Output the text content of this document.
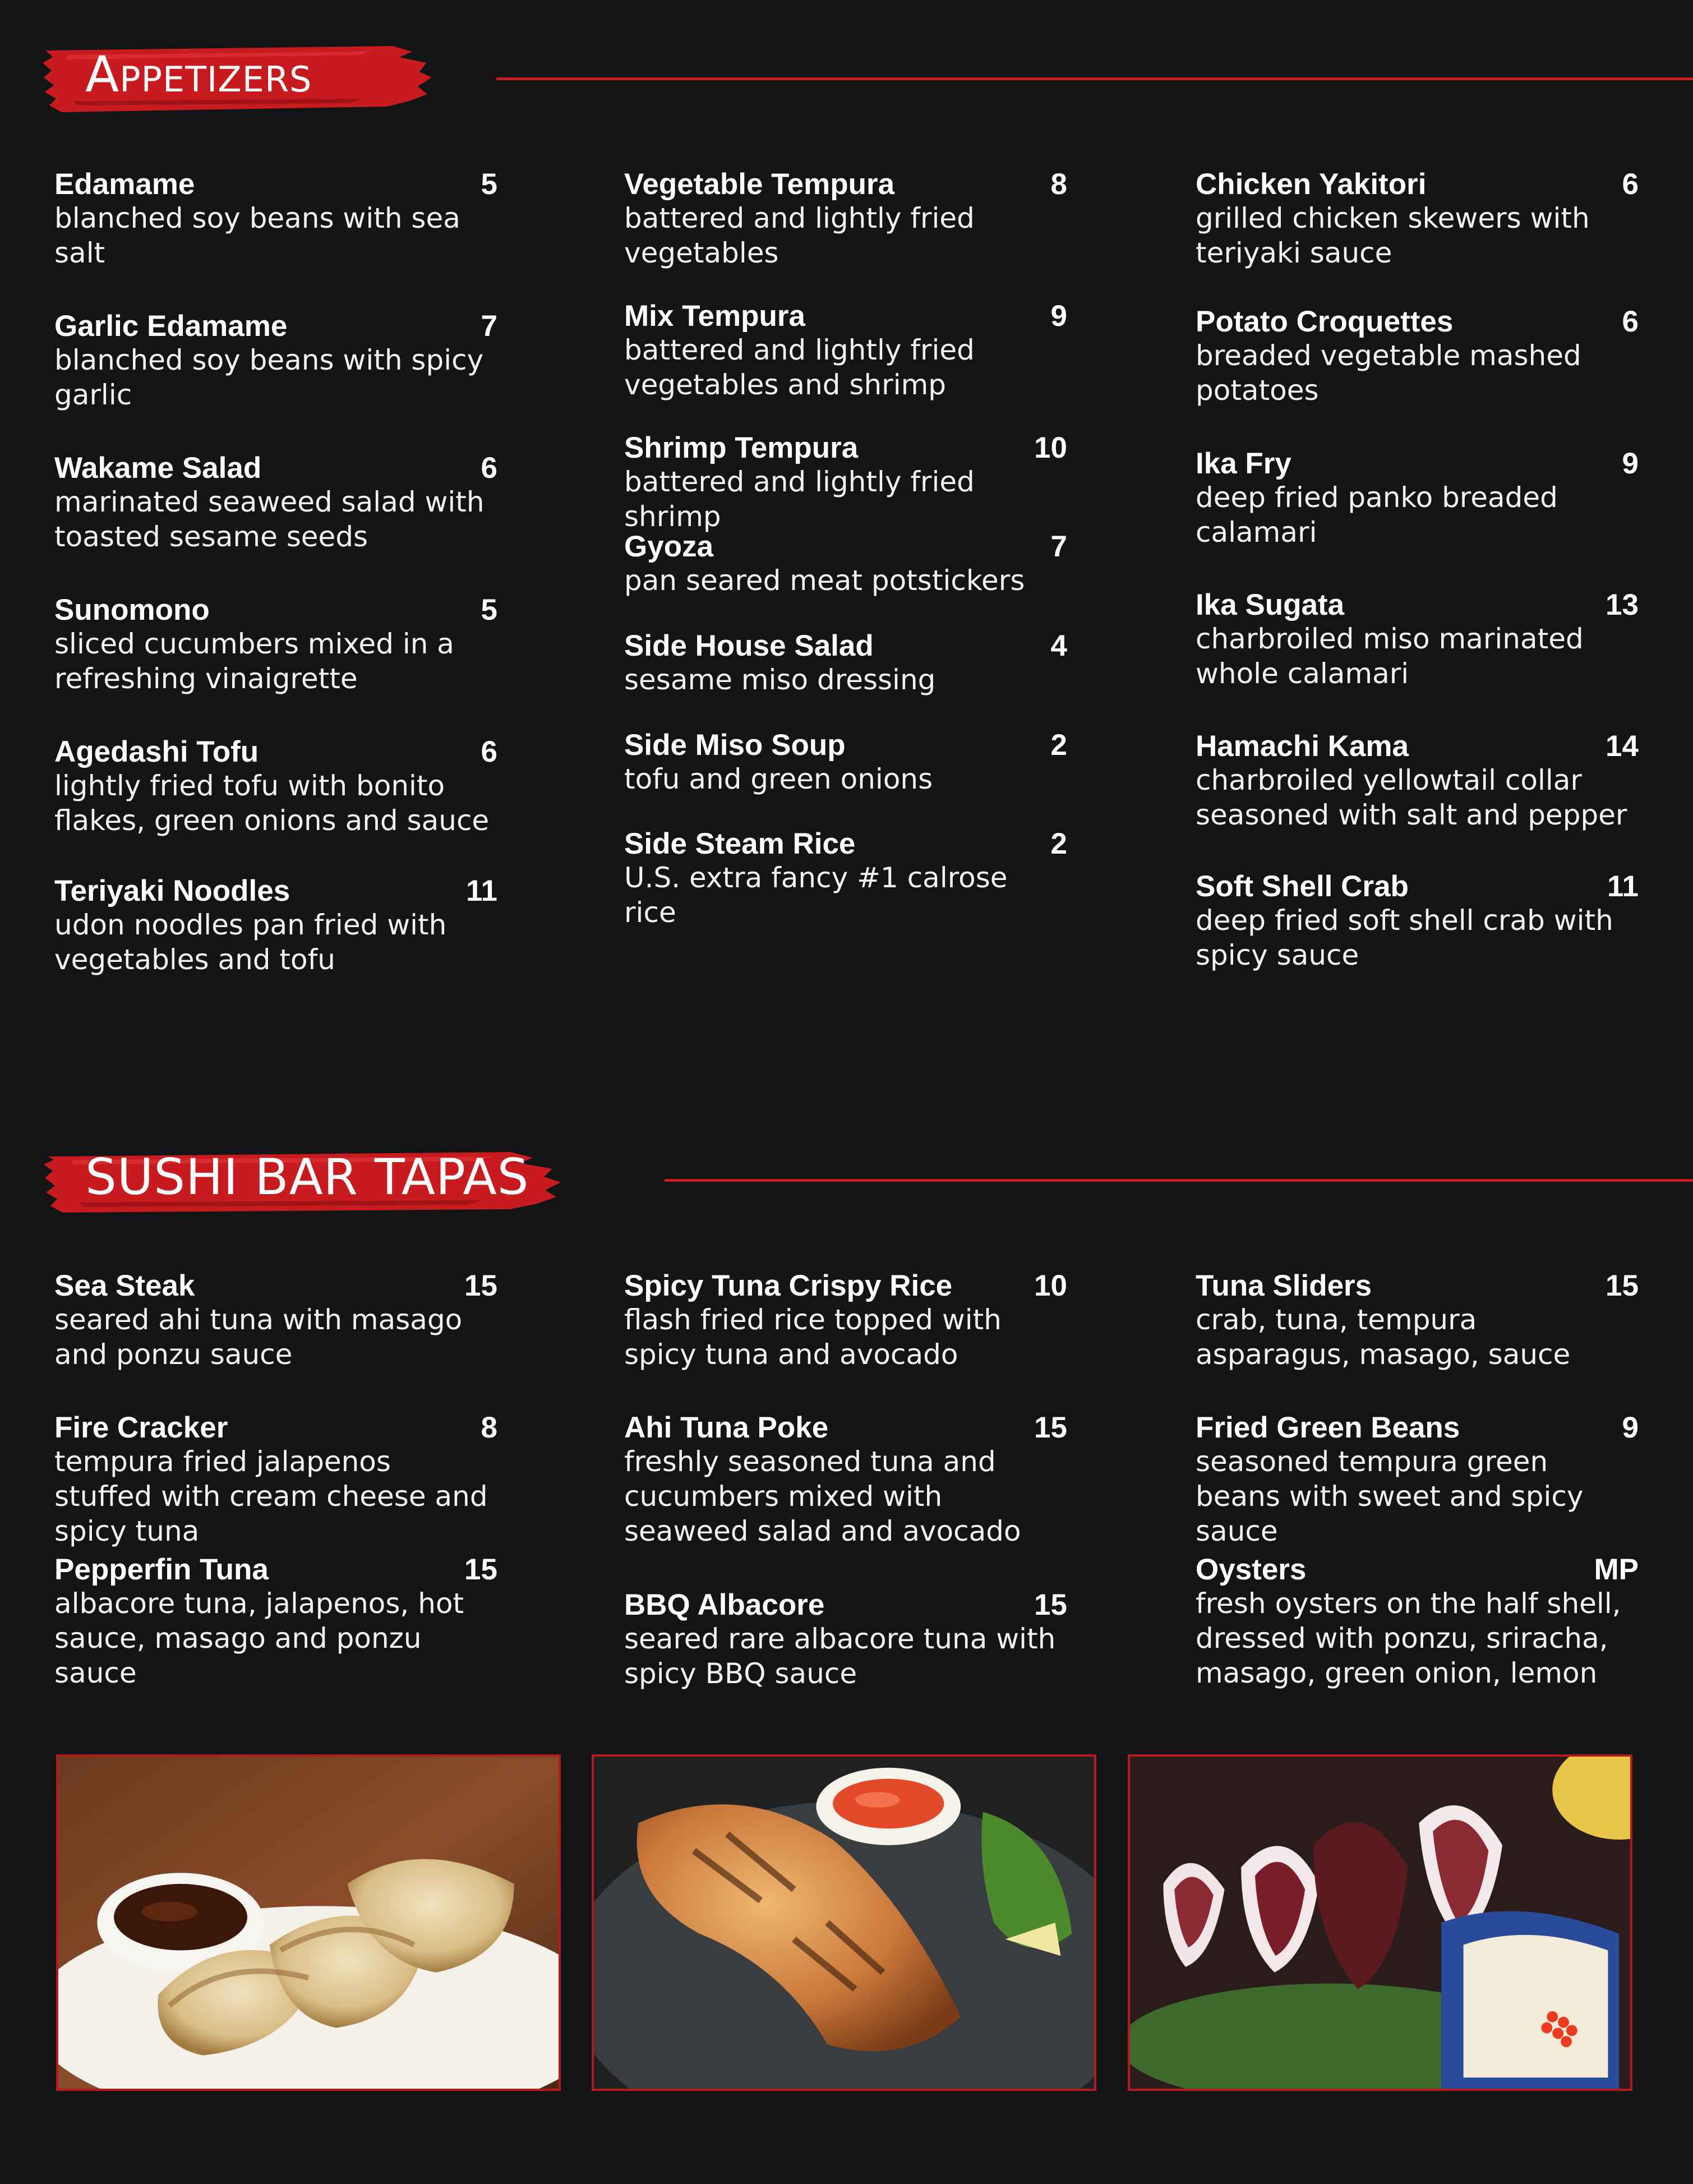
Appetizers
Edamame	5
blanched soy beans with sea salt
Garlic Edamame	7
blanched soy beans with spicy garlic
Wakame Salad	6
marinated seaweed salad with toasted sesame seeds
Sunomono	5
sliced cucumbers mixed in a refreshing vinaigrette
Agedashi Tofu	6
lightly fried tofu with bonito flakes, green onions and sauce
Teriyaki Noodles	11
udon noodles pan fried with vegetables and tofu
Vegetable Tempura	8
battered and lightly fried vegetables
Mix Tempura	9
battered and lightly fried vegetables and shrimp
Shrimp Tempura	10
battered and lightly fried shrimp
Gyoza	7
pan seared meat potstickers
Side House Salad	4
sesame miso dressing
Side Miso Soup	2
tofu and green onions
Side Steam Rice	2
U.S. extra fancy #1 calrose rice
Chicken Yakitori	6
grilled chicken skewers with teriyaki sauce
Potato Croquettes	6
breaded vegetable mashed potatoes
Ika Fry	9
deep fried panko breaded calamari
Ika Sugata	13
charbroiled miso marinated whole calamari
Hamachi Kama	14
charbroiled yellowtail collar seasoned with salt and pepper
Soft Shell Crab	11
deep fried soft shell crab with spicy sauce
SUSHI BAR TAPAS
Sea Steak	15
seared ahi tuna with masago and ponzu sauce
Fire Cracker	8
tempura fried jalapenos stuffed with cream cheese and spicy tuna
Pepperfin Tuna	15
albacore tuna, jalapenos, hot sauce, masago and ponzu sauce
Spicy Tuna Crispy Rice	10
flash fried rice topped with spicy tuna and avocado
Ahi Tuna Poke	15
freshly seasoned tuna and cucumbers mixed with seaweed salad and avocado
BBQ Albacore	15
seared rare albacore tuna with spicy BBQ sauce
Tuna Sliders	15
crab, tuna, tempura asparagus, masago, sauce
Fried Green Beans	9
seasoned tempura green beans with sweet and spicy sauce
Oysters	MP
fresh oysters on the half shell, dressed with ponzu, sriracha, masago, green onion, lemon
